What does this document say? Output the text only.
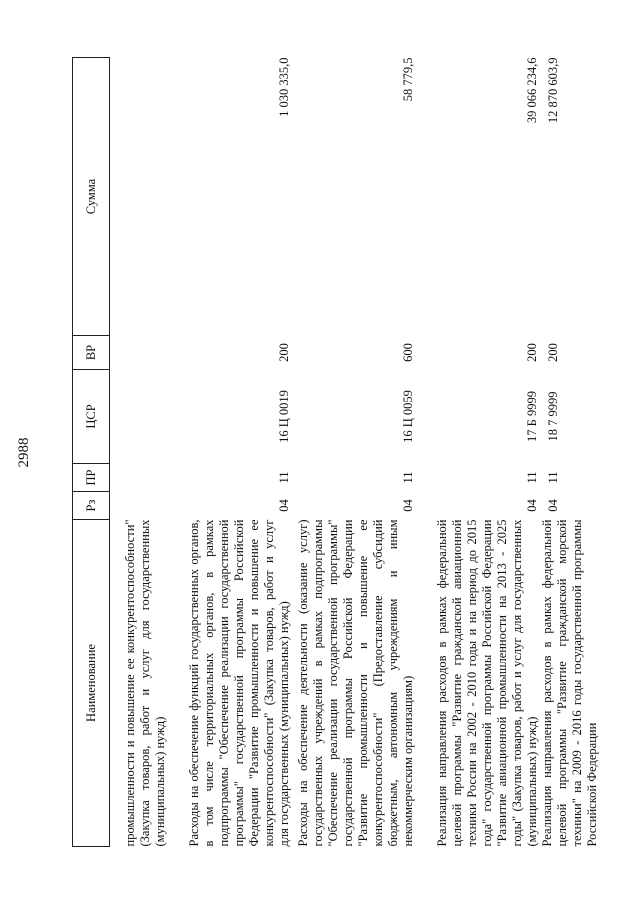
2988
Наименование	Рз	ПР	ЦСР	ВР	Сумма

промышленности и повышение ее конкурентоспособности" (Закупка товаров, работ и услуг для государственных (муниципальных) нужд)					

Расходы на обеспечение функций государственных органов, в том числе территориальных органов, в рамках подпрограммы "Обеспечение реализации государственной программы" государственной программы Российской Федерации "Развитие промышленности и повышение ее конкурентоспособности" (Закупка товаров, работ и услуг для государственных (муниципальных) нужд)	04	11	16 Ц 0019	200	1 030 335,0

Расходы на обеспечение деятельности (оказание услуг) государственных учреждений в рамках подпрограммы "Обеспечение реализации государственной программы" государственной программы Российской Федерации "Развитие промышленности и повышение ее конкурентоспособности" (Предоставление субсидий бюджетным, автономным учреждениям и иным некоммерческим организациям)	04	11	16 Ц 0059	600	58 779,5

Реализация направления расходов в рамках федеральной целевой программы "Развитие гражданской авиационной техники России на 2002 - 2010 годы и на период до 2015 года" государственной программы Российской Федерации "Развитие авиационной промышленности на 2013 - 2025 годы" (Закупка товаров, работ и услуг для государственных (муниципальных) нужд)	04	11	17 Б 9999	200	39 066 234,6

Реализация направления расходов в рамках федеральной целевой программы "Развитие гражданской морской техники" на 2009 - 2016 годы государственной программы Российской Федерации	04	11	18 7 9999	200	12 870 603,9
